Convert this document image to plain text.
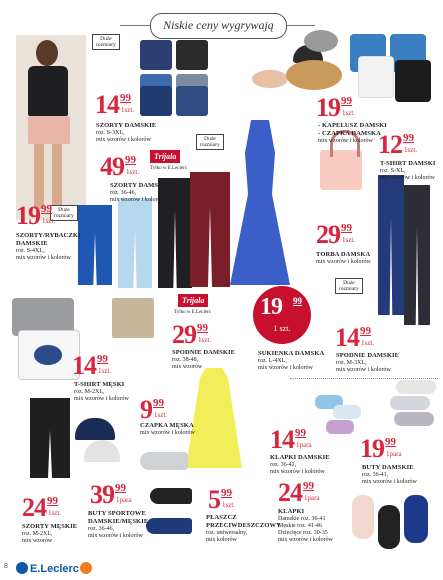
Niskie ceny wygrywają
Duże
rozmiary
Duże
rozmiary
Duże
rozmiary
Duże
rozmiary
Trijala
Tylko w E.Leclerc
Trijala
Tylko w E.Leclerc
14 99
1szt.
SZORTY DAMSKIE
roz. S-3XL,
mix wzorów i kolorów
19 99
1szt.
- KAPELUSZ DAMSKI
- CZAPKA DAMSKA
mix wzorów i kolorów
49 99
1szt.
SZORTY DAMSKIE
roz. 36-46,
mix wzorów i kolorów
12 99
1szt.
T-SHIRT DAMSKI
roz. S-XL,
mix wzorów i kolorów
19 99
1szt.
SZORTY/RYBACZKI
DAMSKIE
roz. S-4XL,
mix wzorów i kolorów
29 99
1szt.
TORBA DAMSKA
mix wzorów i kolorów
29 99
1szt.
SPODNIE DAMSKIE
roz. 38-48,
mix wzorów
19 99
1 szt.
SUKIENKA DAMSKA
roz. L-4XL,
mix wzorów i kolorów
14 99
1szt.
SPODNIE DAMSKIE
roz. M-3XL,
mix wzorów i kolorów
14 99
1szt.
T-SHIRT MĘSKI
roz. M-2XL,
mix wzorów i kolorów 9 99
1szt.
CZAPKA MĘSKA
mix wzorów i kolorów	14 99
1para
KLAPKI DAMSKIE
roz. 36-42,
mix wzorów i kolorów
19 99
1para
BUTY DAMSKIE
roz. 36-41,
mix wzorów i kolorów
24 99
1szt.
SZORTY MĘSKIE
roz. M-2XL,
mix wzorów
39 99
1para
BUTY SPORTOWE
DAMSKIE/MĘSKIE
roz. 36-46,
mix wzorów i kolorów
5 99
1szt.
PŁASZCZ
PRZECIWDESZCZOWY
roz. uniwersalny,
mix kolorów
24 99
1para
KLAPKI
Damskie roz. 36-41
Męskie roz. 41-46
Dziecięce roz. 30-35
mix wzorów i kolorów
8 E.Leclerc
